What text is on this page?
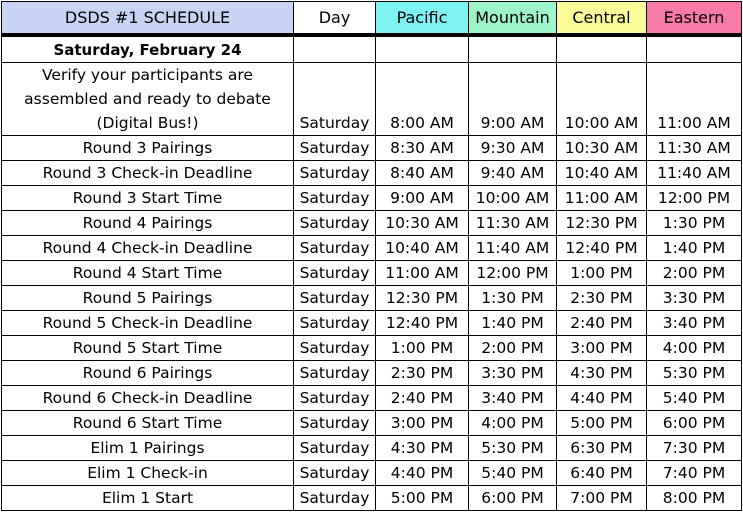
DSDS #1 SCHEDULE	Day	Pacific	Mountain	Central	Eastern
Saturday, February 24					
Verify your participants are assembled and ready to debate (Digital Bus!)	Saturday	8:00 AM	9:00 AM	10:00 AM	11:00 AM
Round 3 Pairings	Saturday	8:30 AM	9:30 AM	10:30 AM	11:30 AM
Round 3 Check-in Deadline	Saturday	8:40 AM	9:40 AM	10:40 AM	11:40 AM
Round 3 Start Time	Saturday	9:00 AM	10:00 AM	11:00 AM	12:00 PM
Round 4 Pairings	Saturday	10:30 AM	11:30 AM	12:30 PM	1:30 PM
Round 4 Check-in Deadline	Saturday	10:40 AM	11:40 AM	12:40 PM	1:40 PM
Round 4 Start Time	Saturday	11:00 AM	12:00 PM	1:00 PM	2:00 PM
Round 5 Pairings	Saturday	12:30 PM	1:30 PM	2:30 PM	3:30 PM
Round 5 Check-in Deadline	Saturday	12:40 PM	1:40 PM	2:40 PM	3:40 PM
Round 5 Start Time	Saturday	1:00 PM	2:00 PM	3:00 PM	4:00 PM
Round 6 Pairings	Saturday	2:30 PM	3:30 PM	4:30 PM	5:30 PM
Round 6 Check-in Deadline	Saturday	2:40 PM	3:40 PM	4:40 PM	5:40 PM
Round 6 Start Time	Saturday	3:00 PM	4:00 PM	5:00 PM	6:00 PM
Elim 1 Pairings	Saturday	4:30 PM	5:30 PM	6:30 PM	7:30 PM
Elim 1 Check-in	Saturday	4:40 PM	5:40 PM	6:40 PM	7:40 PM
Elim 1 Start	Saturday	5:00 PM	6:00 PM	7:00 PM	8:00 PM
